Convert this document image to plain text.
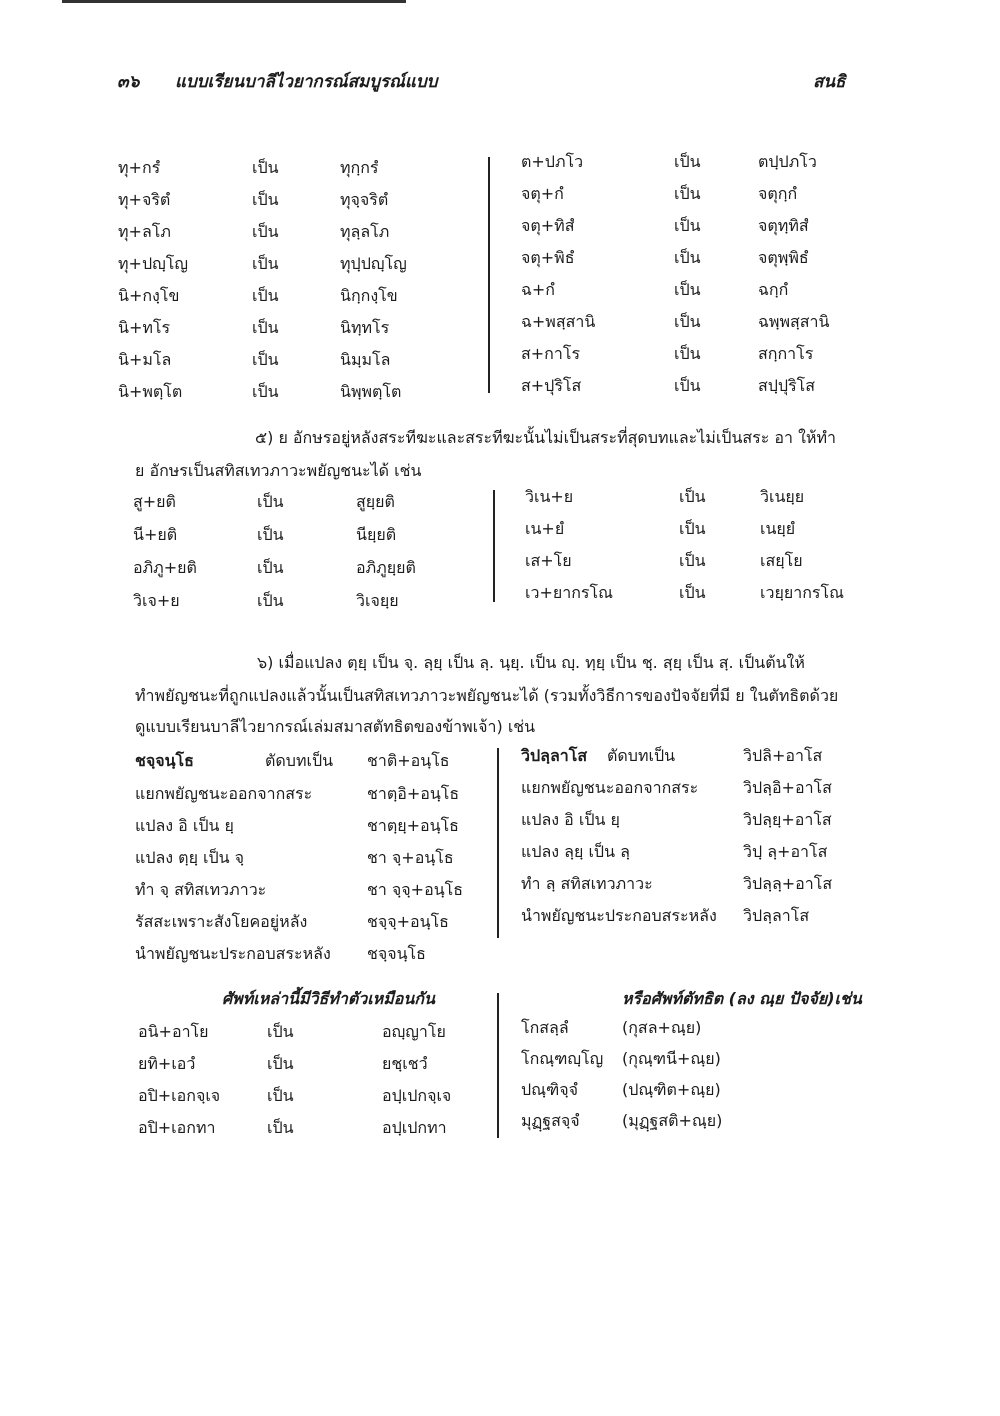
๓๖ แบบเรียนบาลีไวยากรณ์สมบูรณ์แบบ	สนธิ
ทุ+กรํ	เป็น	ทุกฺกรํ
ทุ+จริตํ	เป็น	ทุจฺจริตํ
ทุ+ลโภ	เป็น	ทุลฺลโภ
ทุ+ปญฺโญ	เป็น	ทุปฺปญฺโญ
นิ+กงฺโข	เป็น	นิกฺกงฺโข
นิ+ทโร	เป็น	นิทฺทโร
นิ+มโล	เป็น	นิมฺมโล
นิ+พตฺโต	เป็น	นิพฺพตฺโต
ต+ปภโว	เป็น	ตปฺปภโว
จตุ+กํ	เป็น	จตุกฺกํ
จตุ+ทิสํ	เป็น	จตุทฺทิสํ
จตุ+พิธํ	เป็น	จตุพฺพิธํ
ฉ+กํ	เป็น	ฉกฺกํ
ฉ+พสฺสานิ	เป็น	ฉพฺพสฺสานิ
ส+กาโร	เป็น	สกฺกาโร
ส+ปุริโส	เป็น	สปฺปุริโส
๕) ย อักษรอยู่หลังสระทีฆะและสระทีฆะนั้นไม่เป็นสระที่สุดบทและไม่เป็นสระ อา ให้ทำ
ย อักษรเป็นสทิสเทวภาวะพยัญชนะได้ เช่น
สู+ยติ	เป็น	สูยฺยติ
นี+ยติ	เป็น	นียฺยติ
อภิภู+ยติ	เป็น	อภิภูยฺยติ
วิเจ+ย	เป็น	วิเจยฺย
วิเน+ย	เป็น	วิเนยฺย
เน+ยํ	เป็น	เนยฺยํ
เส+โย	เป็น	เสยฺโย
เว+ยากรโณ	เป็น	เวยฺยากรโณ
๖) เมื่อแปลง ตฺยฺ เป็น จฺ. ลฺยฺ เป็น ลฺ. นฺยฺ. เป็น ญฺ. ทฺยฺ เป็น ชฺ. สฺยฺ เป็น สฺ. เป็นต้นให้
ทำพยัญชนะที่ถูกแปลงแล้วนั้นเป็นสทิสเทวภาวะพยัญชนะได้ (รวมทั้งวิธีการของปัจจัยที่มี ย ในตัทธิตด้วย
ดูแบบเรียนบาลีไวยากรณ์เล่มสมาสตัทธิตของข้าพเจ้า) เช่น
ชจฺจนฺโธ	ตัดบทเป็น ชาติ+อนฺโธ
แยกพยัญชนะออกจากสระ	ชาตฺอิ+อนฺโธ
แปลง อิ เป็น ยฺ	ชาตฺยฺ+อนฺโธ
แปลง ตฺยฺ เป็น จฺ	ชา จฺ+อนฺโธ
ทำ จฺ สทิสเทวภาวะ	ชา จฺจฺ+อนฺโธ
รัสสะเพราะสังโยคอยู่หลัง	ชจฺจฺ+อนฺโธ
นำพยัญชนะประกอบสระหลัง ชจฺจนฺโธ
วิปลฺลาโส ตัดบทเป็น	วิปลิ+อาโส
แยกพยัญชนะออกจากสระ	วิปลฺอิ+อาโส
แปลง อิ เป็น ยฺ	วิปลฺยฺ+อาโส
แปลง ลฺยฺ เป็น ลฺ	วิปฺ ลฺ+อาโส
ทำ ลฺ สทิสเทวภาวะ	วิปลฺลฺ+อาโส
นำพยัญชนะประกอบสระหลัง วิปลฺลาโส
ศัพท์เหล่านี้มีวิธีทำตัวเหมือนกัน	หรือศัพท์ตัทธิต (ลง ณฺย ปัจจัย)เช่น
อนิ+อาโย	เป็น	อญฺญาโย
ยทิ+เอวํ	เป็น	ยชฺเชวํ
อปิ+เอกจฺเจ	เป็น	อปฺเปกจฺเจ
อปิ+เอกทา	เป็น	อปฺเปกทา
โกสลฺลํ	(กุสล+ณฺย)
โกณฺฑญฺโญ (กุณฺฑนี+ณฺย)
ปณฺฑิจฺจํ	(ปณฺฑิต+ณฺย)
มุฏฺฐสจฺจํ	(มุฏฺฐสติ+ณฺย)
